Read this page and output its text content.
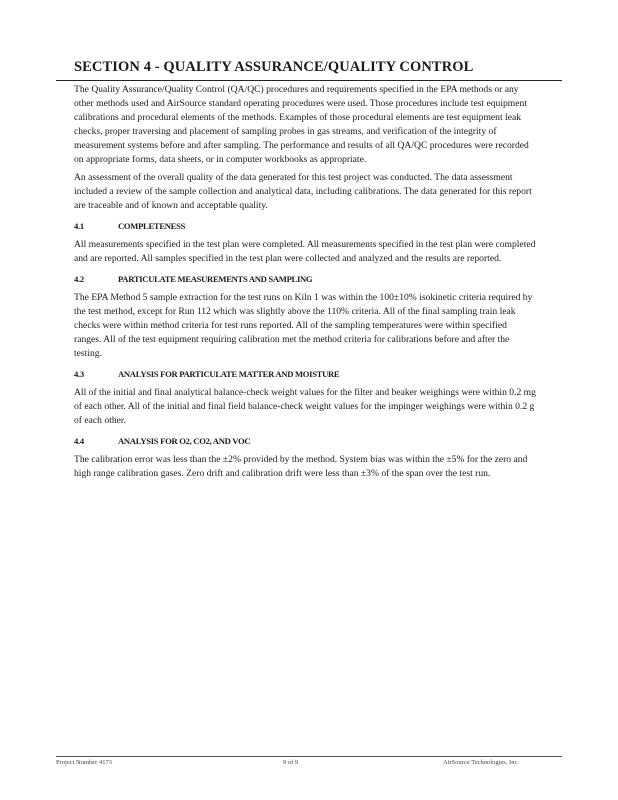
SECTION 4 - QUALITY ASSURANCE/QUALITY CONTROL

The Quality Assurance/Quality Control (QA/QC) procedures and requirements specified in the EPA methods or any other methods used and AirSource standard operating procedures were used. Those procedures include test equipment calibrations and procedural elements of the methods. Examples of those procedural elements are test equipment leak checks, proper traversing and placement of sampling probes in gas streams, and verification of the integrity of measurement systems before and after sampling. The performance and results of all QA/QC procedures were recorded on appropriate forms, data sheets, or in computer workbooks as appropriate.

An assessment of the overall quality of the data generated for this test project was conducted. The data assessment included a review of the sample collection and analytical data, including calibrations. The data generated for this report are traceable and of known and acceptable quality.

4.1	COMPLETENESS

All measurements specified in the test plan were completed. All measurements specified in the test plan were completed and are reported. All samples specified in the test plan were collected and analyzed and the results are reported.

4.2	PARTICULATE MEASUREMENTS AND SAMPLING

The EPA Method 5 sample extraction for the test runs on Kiln 1 was within the 100±10% isokinetic criteria required by the test method, except for Run 112 which was slightly above the 110% criteria. All of the final sampling train leak checks were within method criteria for test runs reported. All of the sampling temperatures were within specified ranges. All of the test equipment requiring calibration met the method criteria for calibrations before and after the testing.

4.3	ANALYSIS FOR PARTICULATE MATTER AND MOISTURE

All of the initial and final analytical balance-check weight values for the filter and beaker weighings were within 0.2 mg of each other. All of the initial and final field balance-check weight values for the impinger weighings were within 0.2 g of each other.

4.4	ANALYSIS FOR O2, CO2, AND VOC

The calibration error was less than the ±2% provided by the method. System bias was within the ±5% for the zero and high range calibration gases. Zero drift and calibration drift were less than ±3% of the span over the test run.

Project Number 4173	9 of 9	AirSource Technologies, Inc.
